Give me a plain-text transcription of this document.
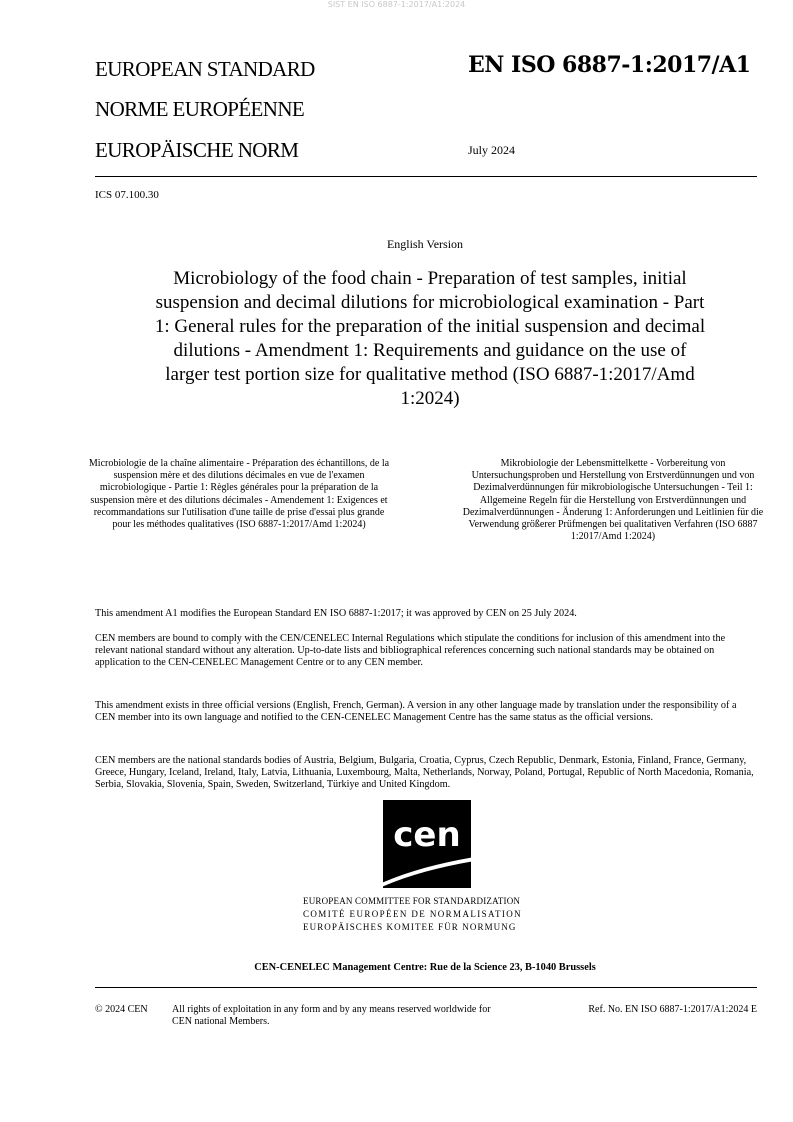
SIST EN ISO 6887-1:2017/A1:2024
EUROPEAN STANDARD
NORME EUROPÉENNE
EUROPÄISCHE NORM
EN ISO 6887-1:2017/A1
July 2024
ICS 07.100.30
English Version
Microbiology of the food chain - Preparation of test samples, initial suspension and decimal dilutions for microbiological examination - Part 1: General rules for the preparation of the initial suspension and decimal dilutions - Amendment 1: Requirements and guidance on the use of larger test portion size for qualitative method (ISO 6887-1:2017/Amd 1:2024)
Microbiologie de la chaîne alimentaire - Préparation des échantillons, de la suspension mère et des dilutions décimales en vue de l'examen microbiologique - Partie 1: Règles générales pour la préparation de la suspension mère et des dilutions décimales - Amendement 1: Exigences et recommandations sur l'utilisation d'une taille de prise d'essai plus grande pour les méthodes qualitatives (ISO 6887-1:2017/Amd 1:2024)
Mikrobiologie der Lebensmittelkette - Vorbereitung von Untersuchungsproben und Herstellung von Erstverdünnungen und von Dezimalverdünnungen für mikrobiologische Untersuchungen - Teil 1: Allgemeine Regeln für die Herstellung von Erstverdünnungen und Dezimalverdünnungen - Änderung 1: Anforderungen und Leitlinien für die Verwendung größerer Prüfmengen bei qualitativen Verfahren (ISO 6887 1:2017/Amd 1:2024)
This amendment A1 modifies the European Standard EN ISO 6887-1:2017; it was approved by CEN on 25 July 2024.
CEN members are bound to comply with the CEN/CENELEC Internal Regulations which stipulate the conditions for inclusion of this amendment into the relevant national standard without any alteration. Up-to-date lists and bibliographical references concerning such national standards may be obtained on application to the CEN-CENELEC Management Centre or to any CEN member.
This amendment exists in three official versions (English, French, German). A version in any other language made by translation under the responsibility of a CEN member into its own language and notified to the CEN-CENELEC Management Centre has the same status as the official versions.
CEN members are the national standards bodies of Austria, Belgium, Bulgaria, Croatia, Cyprus, Czech Republic, Denmark, Estonia, Finland, France, Germany, Greece, Hungary, Iceland, Ireland, Italy, Latvia, Lithuania, Luxembourg, Malta, Netherlands, Norway, Poland, Portugal, Republic of North Macedonia, Romania, Serbia, Slovakia, Slovenia, Spain, Sweden, Switzerland, Türkiye and United Kingdom.
cen
EUROPEAN COMMITTEE FOR STANDARDIZATION
COMITÉ EUROPÉEN DE NORMALISATION
EUROPÄISCHES KOMITEE FÜR NORMUNG
CEN-CENELEC Management Centre: Rue de la Science 23, B-1040 Brussels
© 2024 CEN All rights of exploitation in any form and by any means reserved worldwide for CEN national Members.
Ref. No. EN ISO 6887-1:2017/A1:2024 E
